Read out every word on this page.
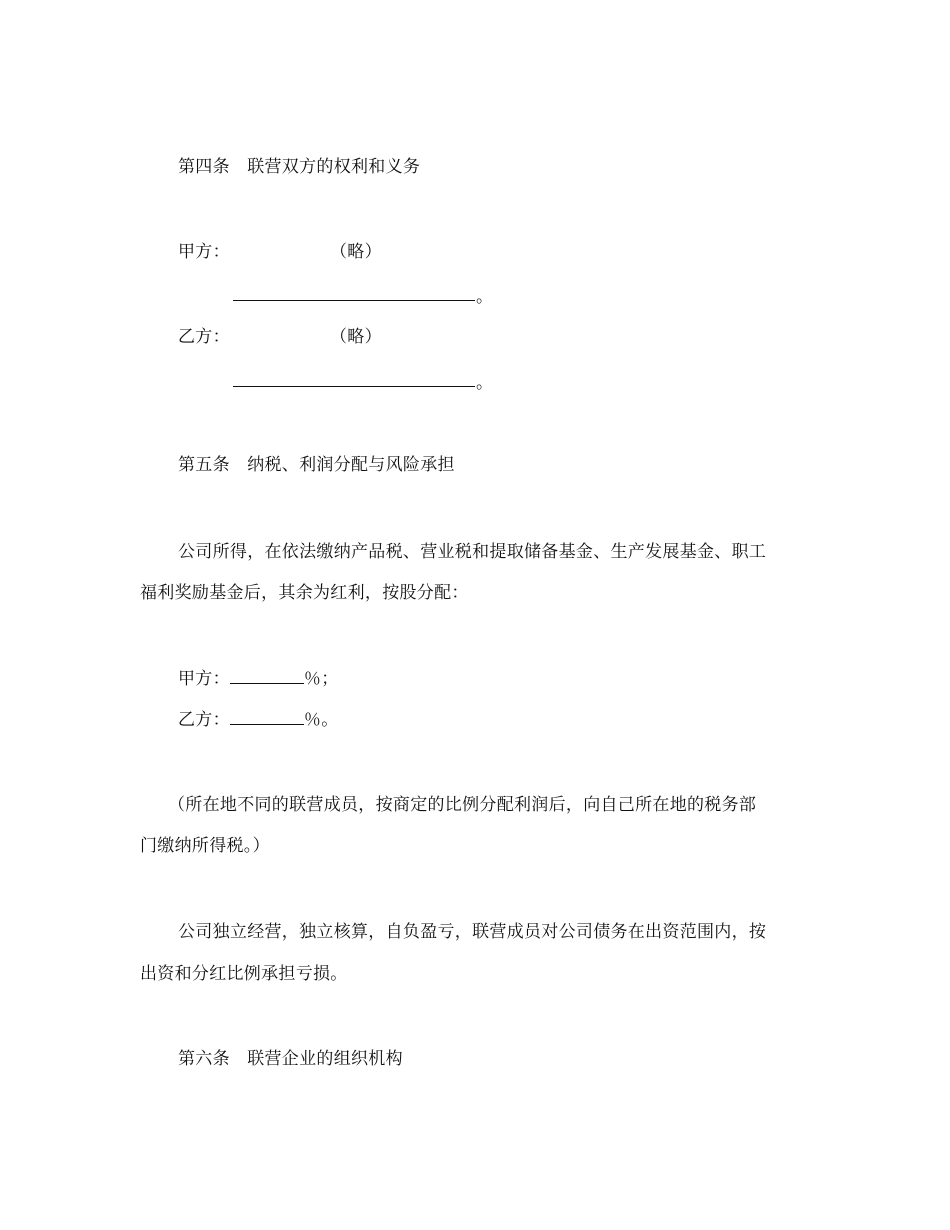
第四条　联营双方的权利和义务
甲方：	（略）
。
乙方：	（略）
。
第五条　纳税、利润分配与风险承担
公司所得，在依法缴纳产品税、营业税和提取储备基金、生产发展基金、职工
福利奖励基金后，其余为红利，按股分配：
甲方：	％；
乙方：	％。
（所在地不同的联营成员，按商定的比例分配利润后，向自己所在地的税务部
门缴纳所得税。）
公司独立经营，独立核算，自负盈亏，联营成员对公司债务在出资范围内，按
出资和分红比例承担亏损。
第六条　联营企业的组织机构
